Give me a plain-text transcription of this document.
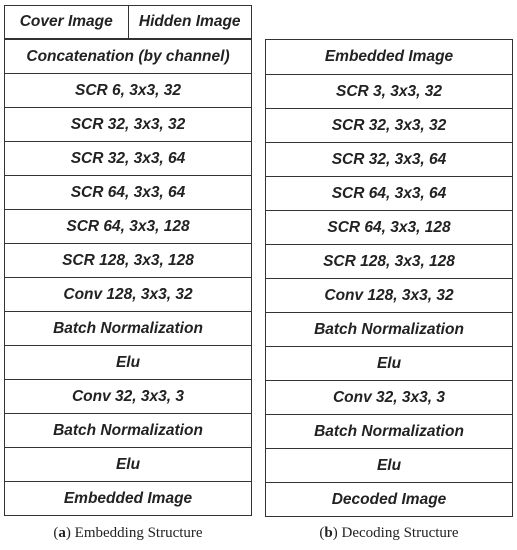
Cover Image	Hidden Image
Concatenation (by channel)
SCR 6, 3x3, 32
SCR 32, 3x3, 32
SCR 32, 3x3, 64
SCR 64, 3x3, 64
SCR 64, 3x3, 128
SCR 128, 3x3, 128
Conv 128, 3x3, 32
Batch Normalization
Elu
Conv 32, 3x3, 3
Batch Normalization
Elu
Embedded Image
Embedded Image
SCR 3, 3x3, 32
SCR 32, 3x3, 32
SCR 32, 3x3, 64
SCR 64, 3x3, 64
SCR 64, 3x3, 128
SCR 128, 3x3, 128
Conv 128, 3x3, 32
Batch Normalization
Elu
Conv 32, 3x3, 3
Batch Normalization
Elu
Decoded Image
(a) Embedding Structure	(b) Decoding Structure
